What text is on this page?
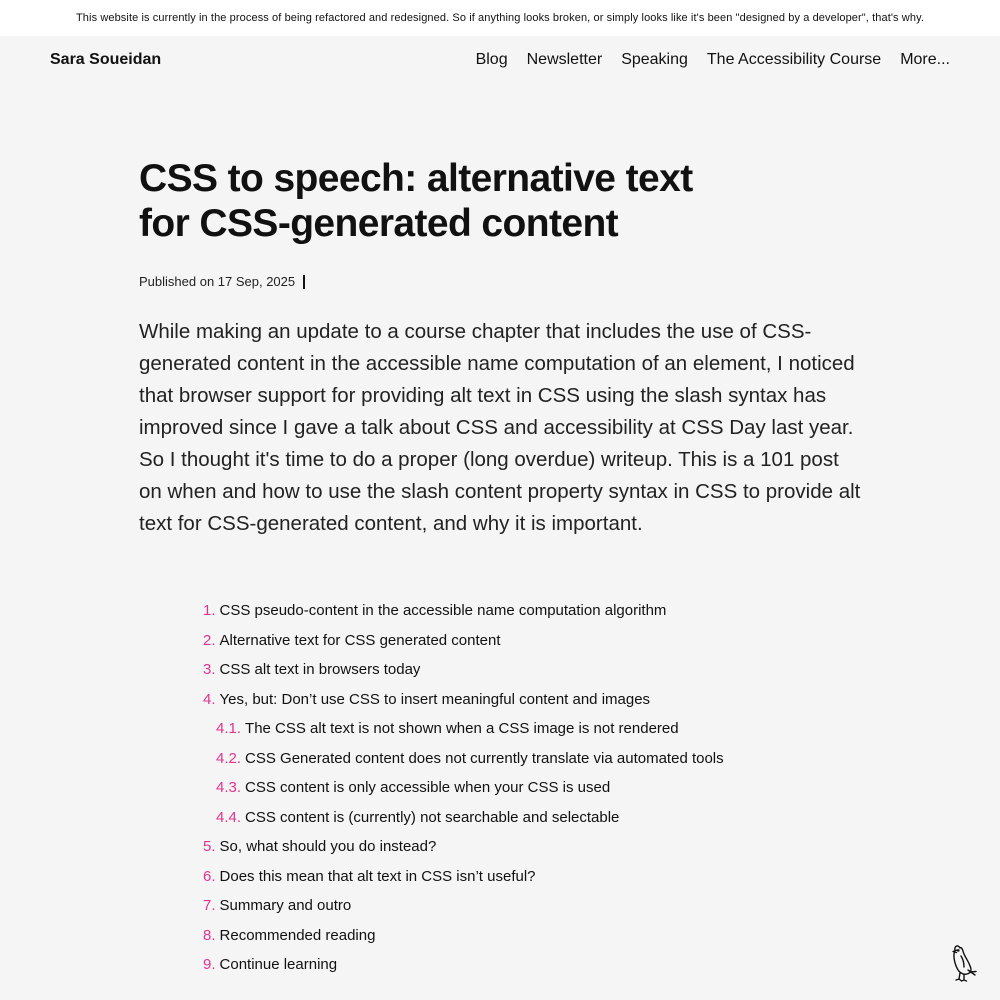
This website is currently in the process of being refactored and redesigned. So if anything looks broken, or simply looks like it's been "designed by a developer", that's why.
Sara Soueidan	Blog Newsletter Speaking The Accessibility Course More...
CSS to speech: alternative text
for CSS-generated content
Published on 17 Sep, 2025

While making an update to a course chapter that includes the use of CSS-generated content in the accessible name computation of an element, I noticed that browser support for providing alt text in CSS using the slash syntax has improved since I gave a talk about CSS and accessibility at CSS Day last year. So I thought it's time to do a proper (long overdue) writeup. This is a 101 post on when and how to use the slash content property syntax in CSS to provide alt text for CSS-generated content, and why it is important.

1. CSS pseudo-content in the accessible name computation algorithm
2. Alternative text for CSS generated content
3. CSS alt text in browsers today
4. Yes, but: Don’t use CSS to insert meaningful content and images
4.1. The CSS alt text is not shown when a CSS image is not rendered
4.2. CSS Generated content does not currently translate via automated tools
4.3. CSS content is only accessible when your CSS is used
4.4. CSS content is (currently) not searchable and selectable
5. So, what should you do instead?
6. Does this mean that alt text in CSS isn’t useful?
7. Summary and outro
8. Recommended reading
9. Continue learning
